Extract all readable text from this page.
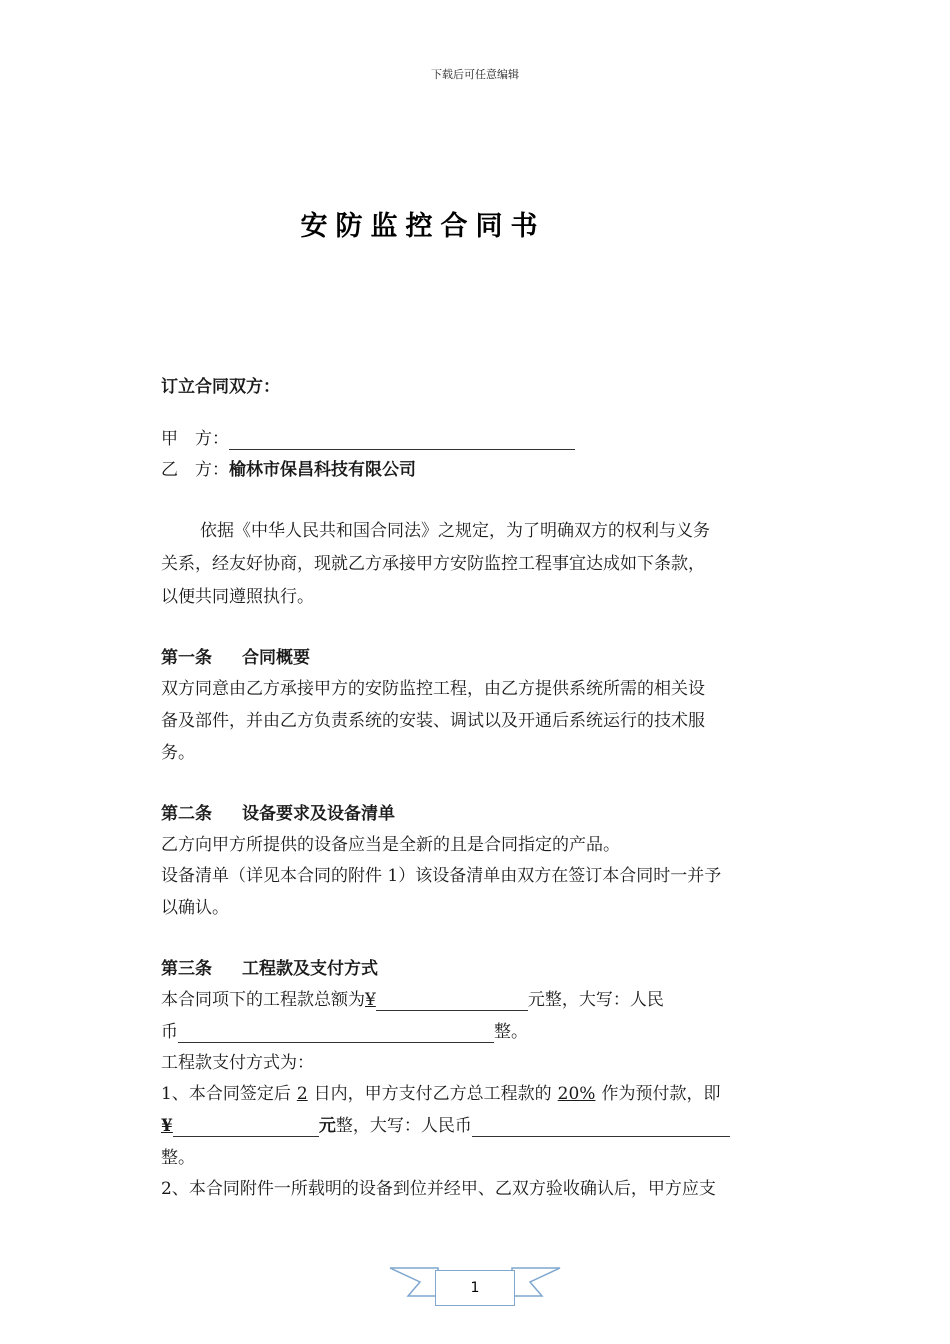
下载后可任意编辑
安防监控合同书
订立合同双方：
甲　方：
乙　方：榆林市保昌科技有限公司
依据《中华人民共和国合同法》之规定，为了明确双方的权利与义务
关系，经友好协商，现就乙方承接甲方安防监控工程事宜达成如下条款，
以便共同遵照执行。
第一条 合同概要
双方同意由乙方承接甲方的安防监控工程，由乙方提供系统所需的相关设
备及部件，并由乙方负责系统的安装、调试以及开通后系统运行的技术服
务。
第二条 设备要求及设备清单
乙方向甲方所提供的设备应当是全新的且是合同指定的产品。
设备清单（详见本合同的附件 1）该设备清单由双方在签订本合同时一并予
以确认。
第三条 工程款及支付方式
本合同项下的工程款总额为¥	元整，大写：人民
币	整。
工程款支付方式为：
1、本合同签定后 2 日内，甲方支付乙方总工程款的 20% 作为预付款，即
¥	元整，大写：人民币
整。
2、本合同附件一所载明的设备到位并经甲、乙双方验收确认后，甲方应支
1
